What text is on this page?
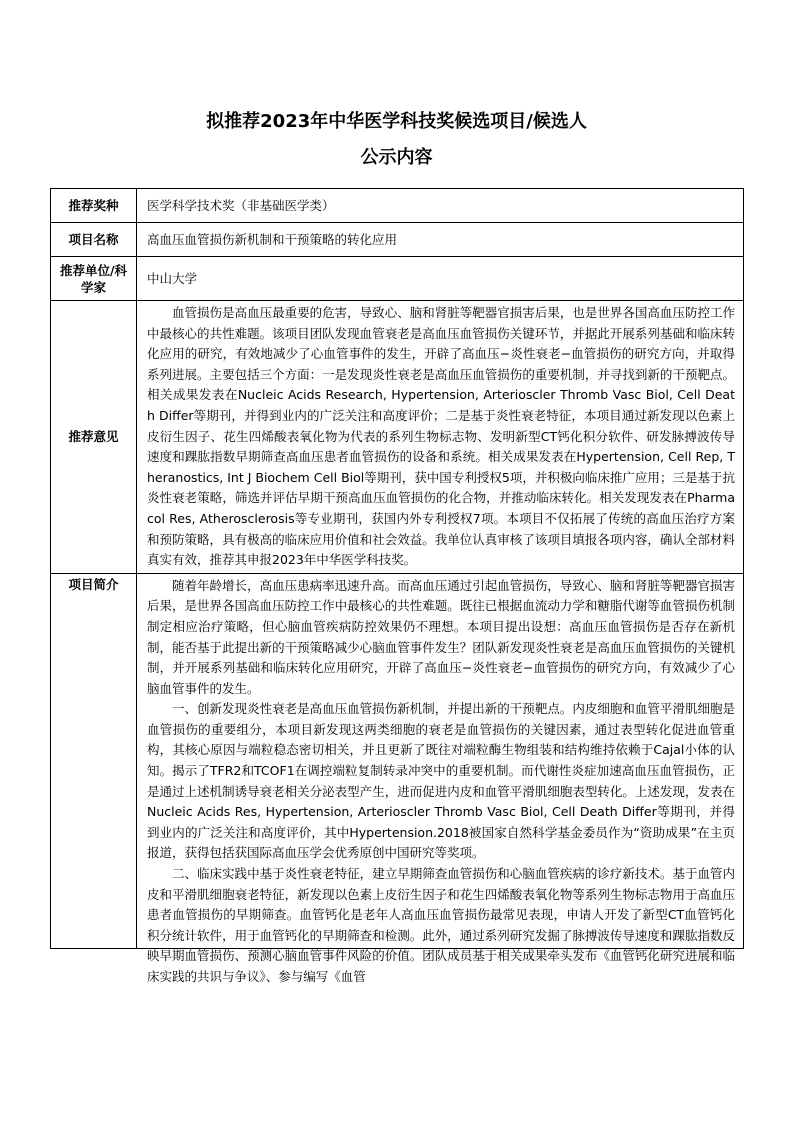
拟推荐2023年中华医学科技奖候选项目/候选人
公示内容
推荐奖种	医学科学技术奖（非基础医学类）
项目名称	高血压血管损伤新机制和干预策略的转化应用
推荐单位/科学家	中山大学
推荐意见	血管损伤是高血压最重要的危害，导致心、脑和肾脏等靶器官损害后果，也是世界各国高血压防控工作中最核心的共性难题。该项目团队发现血管衰老是高血压血管损伤关键环节，并据此开展系列基础和临床转化应用的研究，有效地减少了心血管事件的发生，开辟了高血压−炎性衰老−血管损伤的研究方向，并取得系列进展。主要包括三个方面：一是发现炎性衰老是高血压血管损伤的重要机制，并寻找到新的干预靶点。相关成果发表在Nucleic Acids Research, Hypertension, Arterioscler Thromb Vasc Biol, Cell Death Differ等期刊，并得到业内的广泛关注和高度评价；二是基于炎性衰老特征，本项目通过新发现以色素上皮衍生因子、花生四烯酸表氧化物为代表的系列生物标志物、发明新型CT钙化积分软件、研发脉搏波传导速度和踝肱指数早期筛查高血压患者血管损伤的设备和系统。相关成果发表在Hypertension, Cell Rep, Theranostics, Int J Biochem Cell Biol等期刊，获中国专利授权5项，并积极向临床推广应用；三是基于抗炎性衰老策略，筛选并评估早期干预高血压血管损伤的化合物，并推动临床转化。相关发现发表在Pharmacol Res, Atherosclerosis等专业期刊，获国内外专利授权7项。本项目不仅拓展了传统的高血压治疗方案和预防策略，具有极高的临床应用价值和社会效益。我单位认真审核了该项目填报各项内容，确认全部材料真实有效，推荐其申报2023年中华医学科技奖。

项目简介	随着年龄增长，高血压患病率迅速升高。而高血压通过引起血管损伤，导致心、脑和肾脏等靶器官损害后果，是世界各国高血压防控工作中最核心的共性难题。既往已根据血流动力学和糖脂代谢等血管损伤机制制定相应治疗策略，但心脑血管疾病防控效果仍不理想。本项目提出设想：高血压血管损伤是否存在新机制，能否基于此提出新的干预策略减少心脑血管事件发生？团队新发现炎性衰老是高血压血管损伤的关键机制，并开展系列基础和临床转化应用研究，开辟了高血压−炎性衰老−血管损伤的研究方向，有效减少了心脑血管事件的发生。

一、创新发现炎性衰老是高血压血管损伤新机制，并提出新的干预靶点。内皮细胞和血管平滑肌细胞是血管损伤的重要组分，本项目新发现这两类细胞的衰老是血管损伤的关键因素，通过表型转化促进血管重构，其核心原因与端粒稳态密切相关，并且更新了既往对端粒酶生物组装和结构维持依赖于Cajal小体的认知。揭示了TFR2和TCOF1在调控端粒复制转录冲突中的重要机制。而代谢性炎症加速高血压血管损伤，正是通过上述机制诱导衰老相关分泌表型产生，进而促进内皮和血管平滑肌细胞表型转化。上述发现，发表在Nucleic Acids Res, Hypertension, Arterioscler Thromb Vasc Biol, Cell Death Differ等期刊，并得到业内的广泛关注和高度评价，其中Hypertension.2018被国家自然科学基金委员作为“资助成果”在主页报道，获得包括获国际高血压学会优秀原创中国研究等奖项。

二、临床实践中基于炎性衰老特征，建立早期筛查血管损伤和心脑血管疾病的诊疗新技术。基于血管内皮和平滑肌细胞衰老特征，新发现以色素上皮衍生因子和花生四烯酸表氧化物等系列生物标志物用于高血压患者血管损伤的早期筛查。血管钙化是老年人高血压血管损伤最常见表现，申请人开发了新型CT血管钙化积分统计软件，用于血管钙化的早期筛查和检测。此外，通过系列研究发掘了脉搏波传导速度和踝肱指数反映早期血管损伤、预测心脑血管事件风险的价值。团队成员基于相关成果牵头发布《血管钙化研究进展和临床实践的共识与争议》、参与编写《血管
